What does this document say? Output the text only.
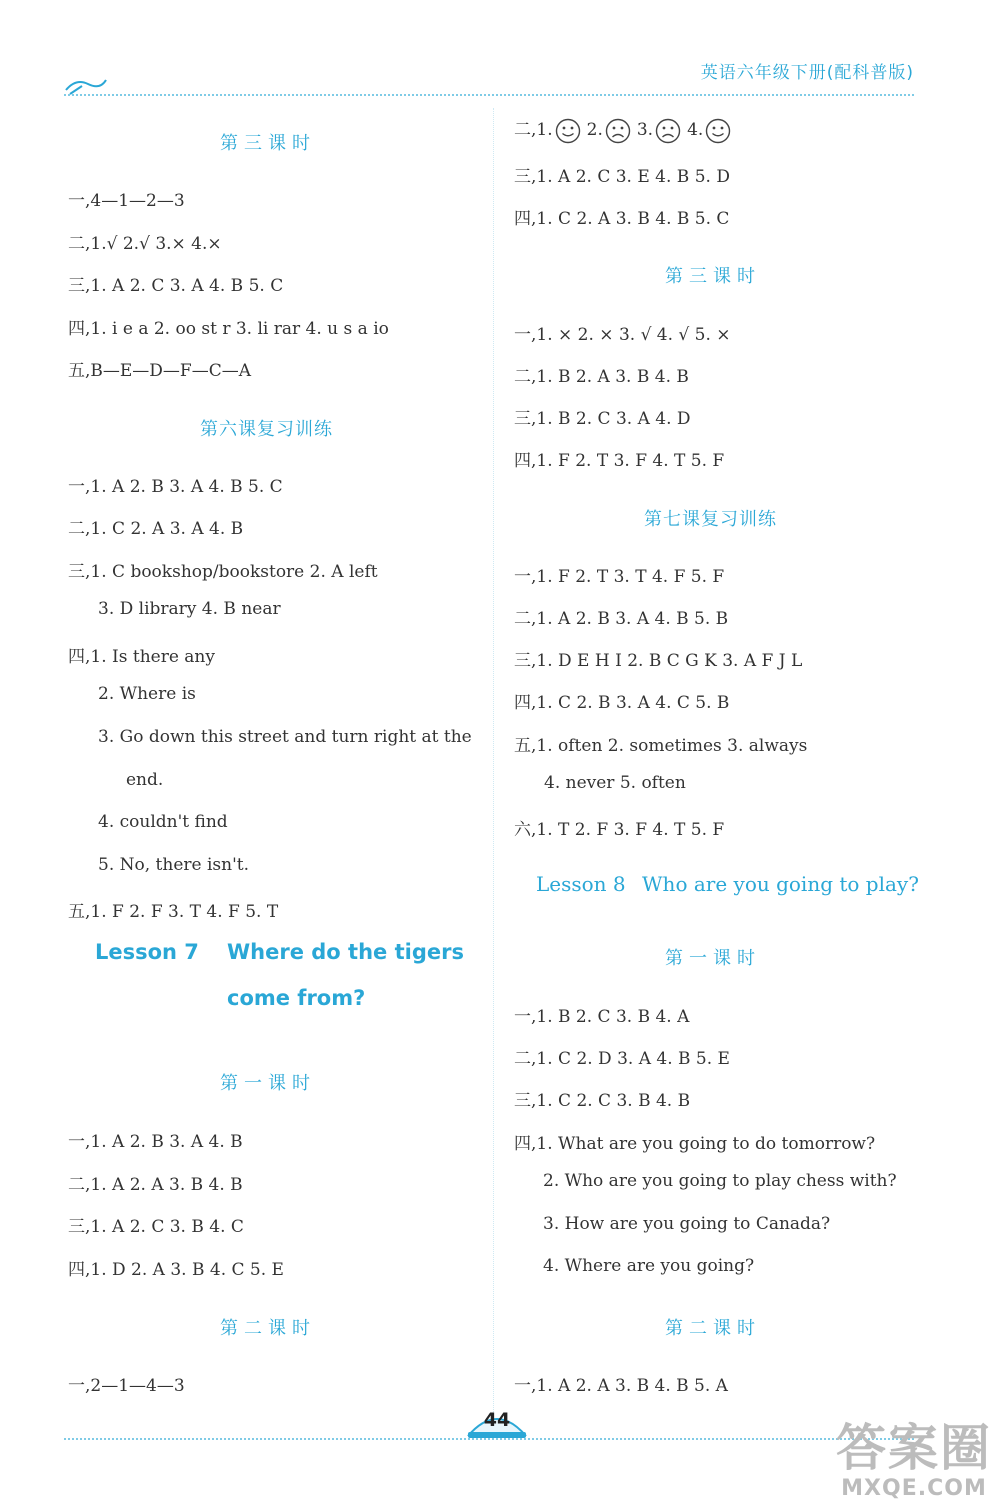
英语六年级下册(配科普版)
第三课时
一,4—1—2—3
二,1.√ 2.√ 3.× 4.×
三,1. A 2. C 3. A 4. B 5. C
四,1. i e a 2. oo st r 3. li rar 4. u s a io
五,B—E—D—F—C—A
第六课复习训练
一,1. A 2. B 3. A 4. B 5. C
二,1. C 2. A 3. A 4. B
三,1. C bookshop/bookstore 2. A left
3. D library 4. B near
四,1. Is there any
2. Where is
3. Go down this street and turn right at the
end.
4. couldn't find
5. No, there isn't.
五,1. F 2. F 3. T 4. F 5. T
Lesson 7 Where do the tigers
come from?
第一课时
一,1. A 2. B 3. A 4. B
二,1. A 2. A 3. B 4. B
三,1. A 2. C 3. B 4. C
四,1. D 2. A 3. B 4. C 5. E
第二课时
一,2—1—4—3
二,1. 2. 3. 4.
三,1. A 2. C 3. E 4. B 5. D
四,1. C 2. A 3. B 4. B 5. C
第三课时
一,1. × 2. × 3. √ 4. √ 5. ×
二,1. B 2. A 3. B 4. B
三,1. B 2. C 3. A 4. D
四,1. F 2. T 3. F 4. T 5. F
第七课复习训练
一,1. F 2. T 3. T 4. F 5. F
二,1. A 2. B 3. A 4. B 5. B
三,1. D E H I 2. B C G K 3. A F J L
四,1. C 2. B 3. A 4. C 5. B
五,1. often 2. sometimes 3. always
4. never 5. often
六,1. T 2. F 3. F 4. T 5. F
Lesson 8 Who are you going to play?
第一课时
一,1. B 2. C 3. B 4. A
二,1. C 2. D 3. A 4. B 5. E
三,1. C 2. C 3. B 4. B
四,1. What are you going to do tomorrow?
2. Who are you going to play chess with?
3. How are you going to Canada?
4. Where are you going?
第二课时
一,1. A 2. A 3. B 4. B 5. A
44	答案圈
MXQE.COM
